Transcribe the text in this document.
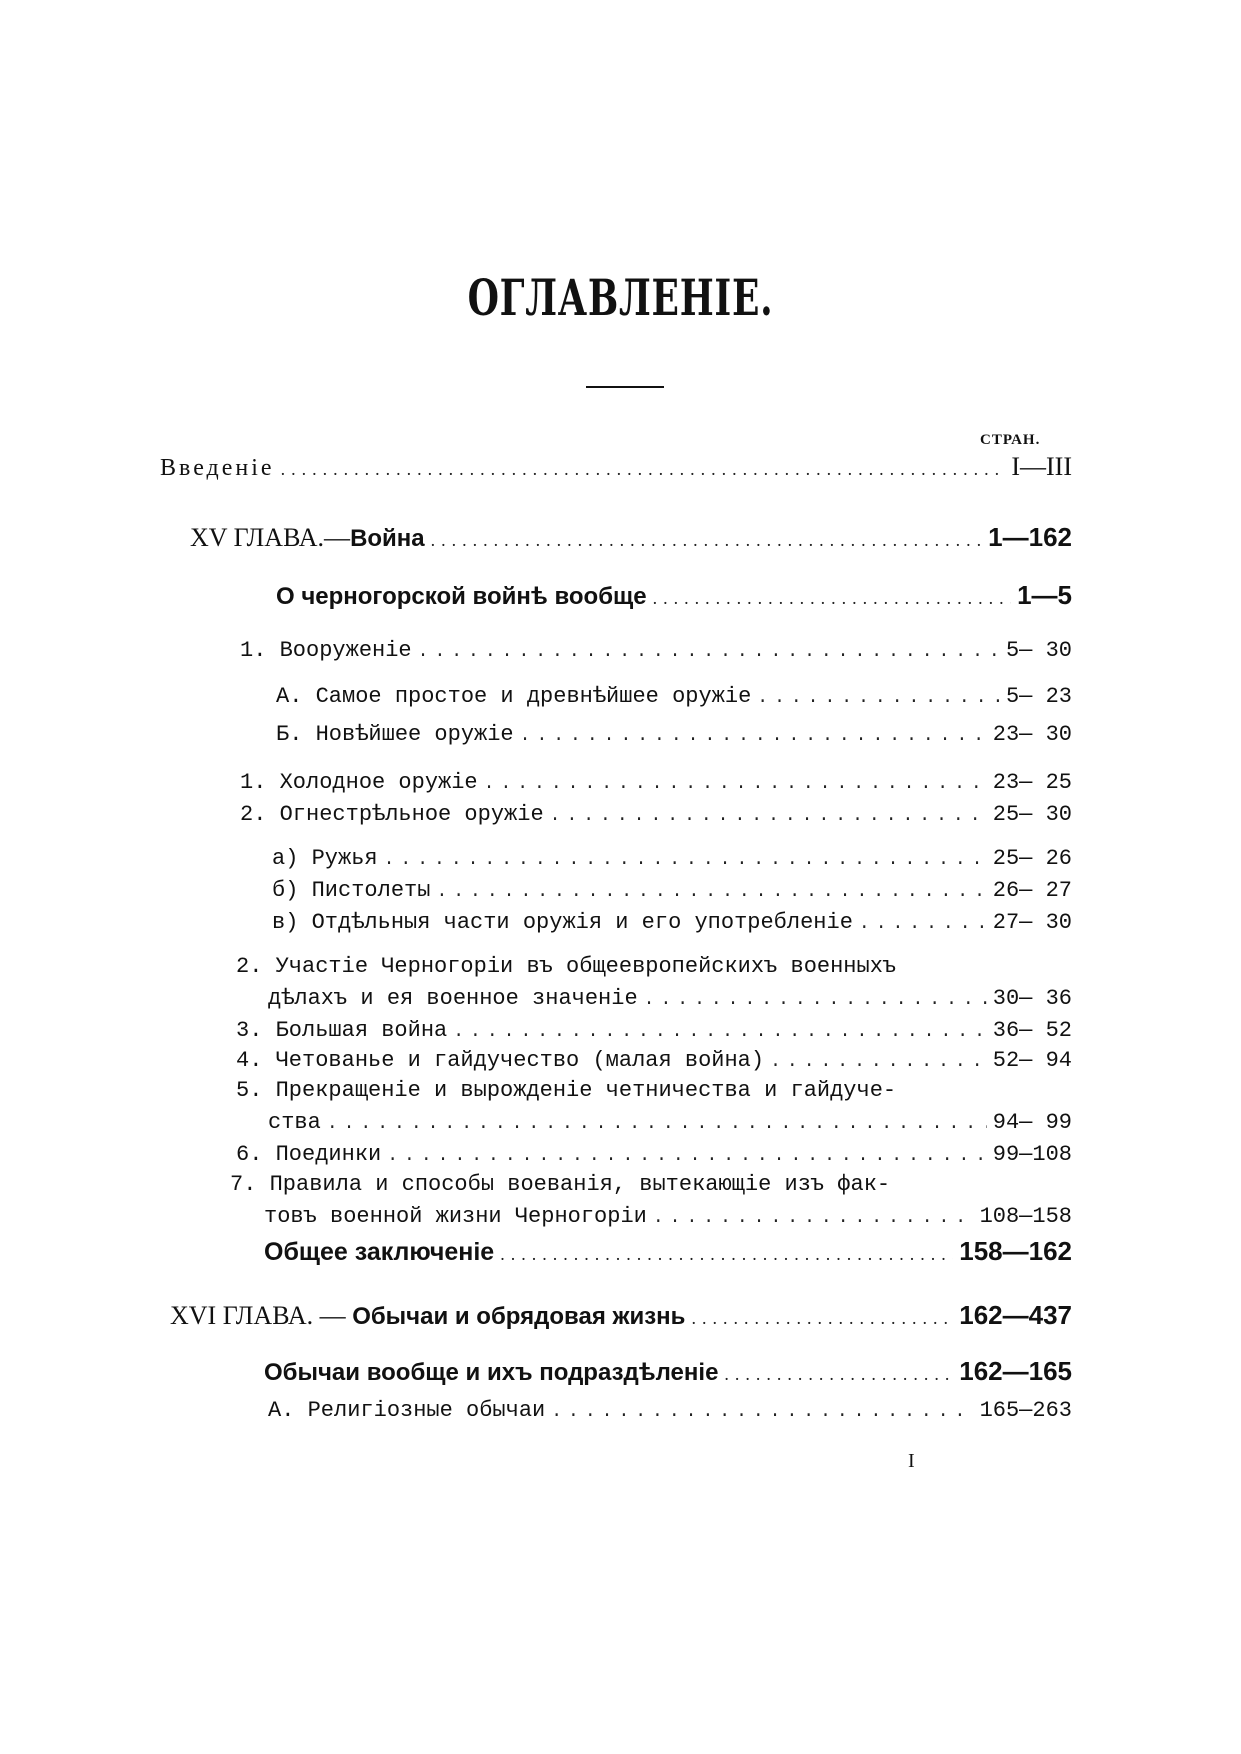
ОГЛАВЛЕНІЕ.
СТРАН.
Введеніе .....	I—III
XV ГЛАВА.— Война .....	1—162
О черногорской войнѣ вообще .....	1—5
1. Вооруженіе .....	5— 30
А. Самое простое и древнѣйшее оружіе .....	5— 23
Б. Новѣйшее оружіе .....	23— 30
1. Холодное оружіе .....	23— 25
2. Огнестрѣльное оружіе .....	25— 30
а) Ружья .....	25— 26
б) Пистолеты .....	26— 27
в) Отдѣльныя части оружія и его употребленіе .....	27— 30
2. Участіе Черногоріи въ общеевропейскихъ военныхъ
дѣлахъ и ея военное значеніе .....	30— 36
3. Большая война .....	36— 52
4. Четованье и гайдучество (малая война) .....	52— 94
5. Прекращеніе и вырожденіе четничества и гайдуче-
ства .....	94— 99
6. Поединки .....	99—108
7. Правила и способы воеванія, вытекающіе изъ фак-
товъ военной жизни Черногоріи .....	108—158
Общее заключеніе .....	158—162
XVI ГЛАВА. — Обычаи и обрядовая жизнь .....	162—437
Обычаи вообще и ихъ подраздѣленіе .....	162—165
А. Религіозные обычаи .....	165—263
I
